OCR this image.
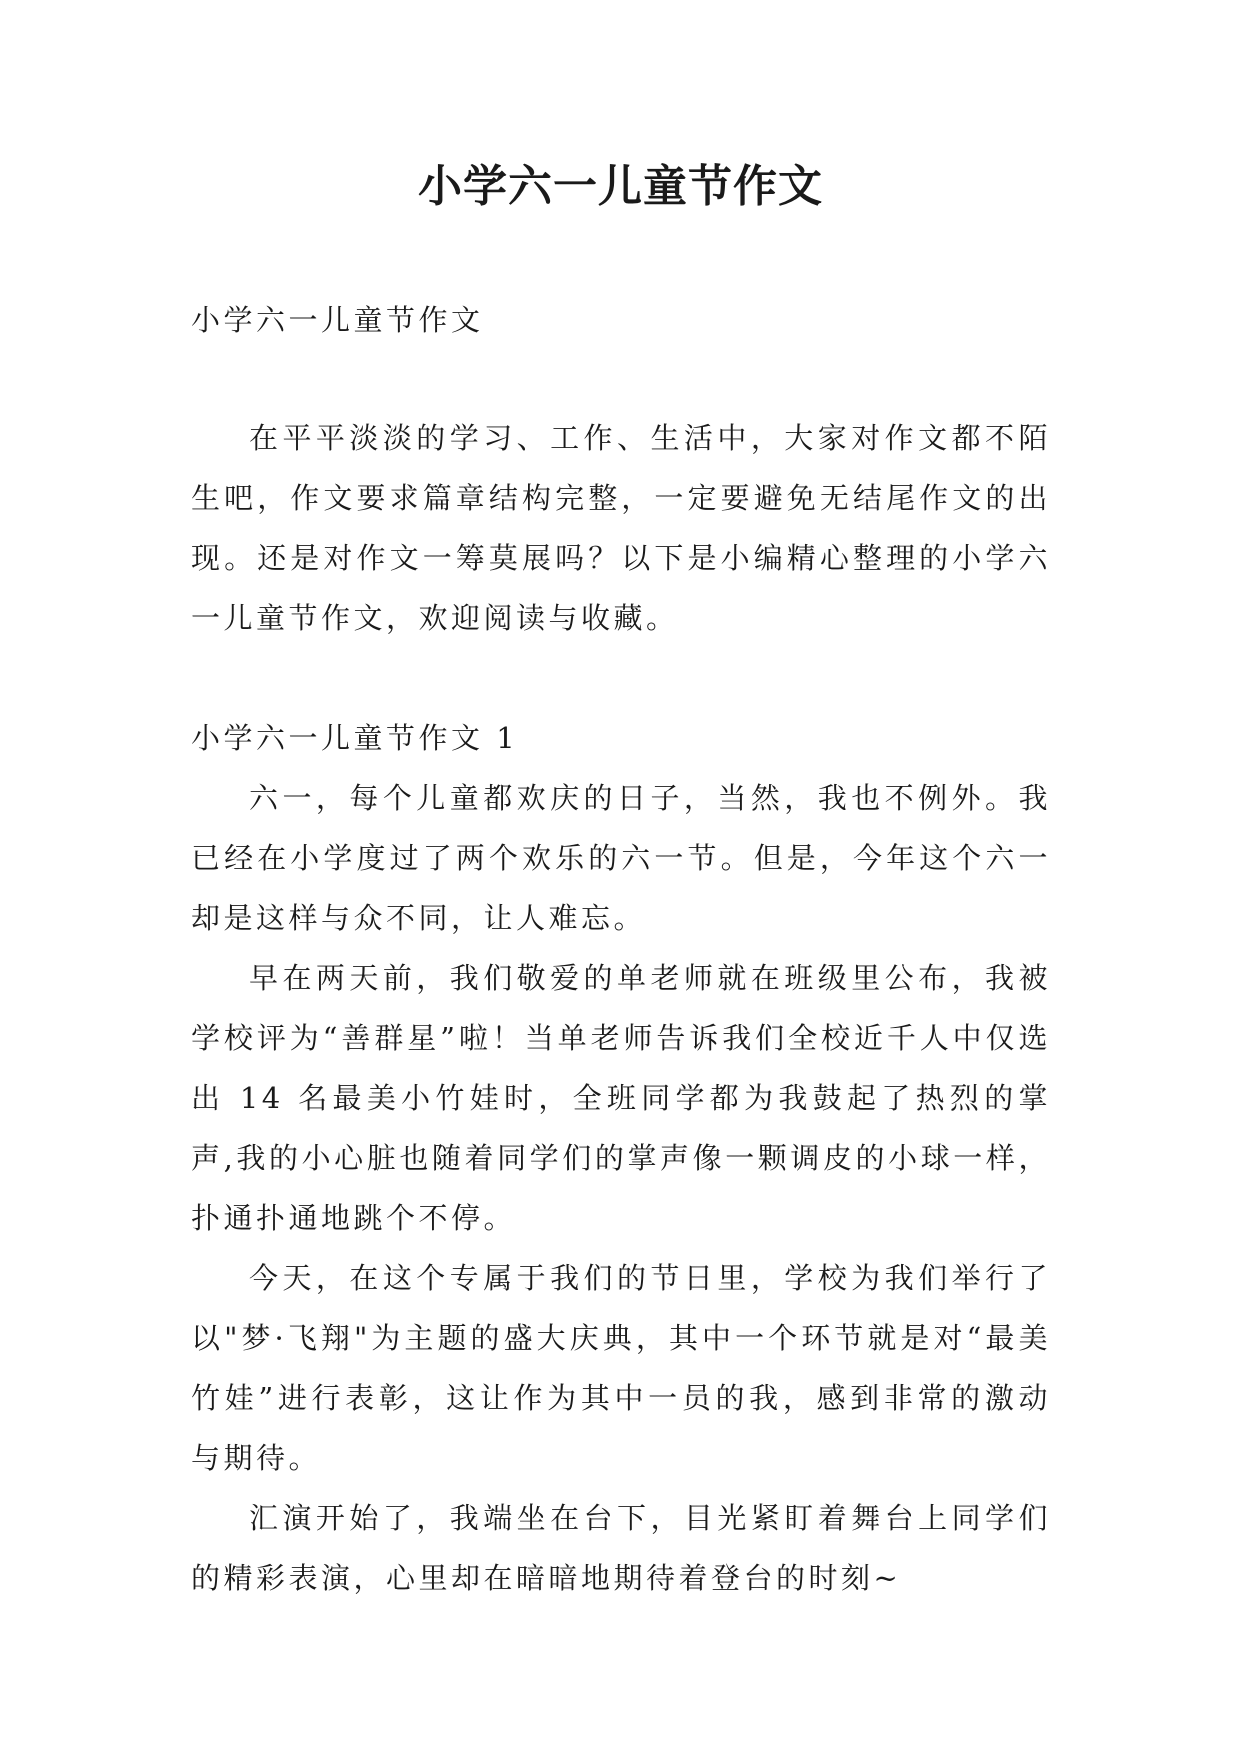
小学六一儿童节作文

小学六一儿童节作文

在平平淡淡的学习、工作、生活中，大家对作文都不陌生吧，作文要求篇章结构完整，一定要避免无结尾作文的出现。还是对作文一筹莫展吗？以下是小编精心整理的小学六一儿童节作文，欢迎阅读与收藏。

小学六一儿童节作文 1

六一，每个儿童都欢庆的日子，当然，我也不例外。我已经在小学度过了两个欢乐的六一节。但是，今年这个六一却是这样与众不同，让人难忘。

早在两天前，我们敬爱的单老师就在班级里公布，我被学校评为“善群星”啦！当单老师告诉我们全校近千人中仅选出 14 名最美小竹娃时，全班同学都为我鼓起了热烈的掌声,我的小心脏也随着同学们的掌声像一颗调皮的小球一样，扑通扑通地跳个不停。

今天，在这个专属于我们的节日里，学校为我们举行了以"梦·飞翔"为主题的盛大庆典，其中一个环节就是对“最美竹娃”进行表彰，这让作为其中一员的我，感到非常的激动与期待。

汇演开始了，我端坐在台下，目光紧盯着舞台上同学们的精彩表演，心里却在暗暗地期待着登台的时刻~
